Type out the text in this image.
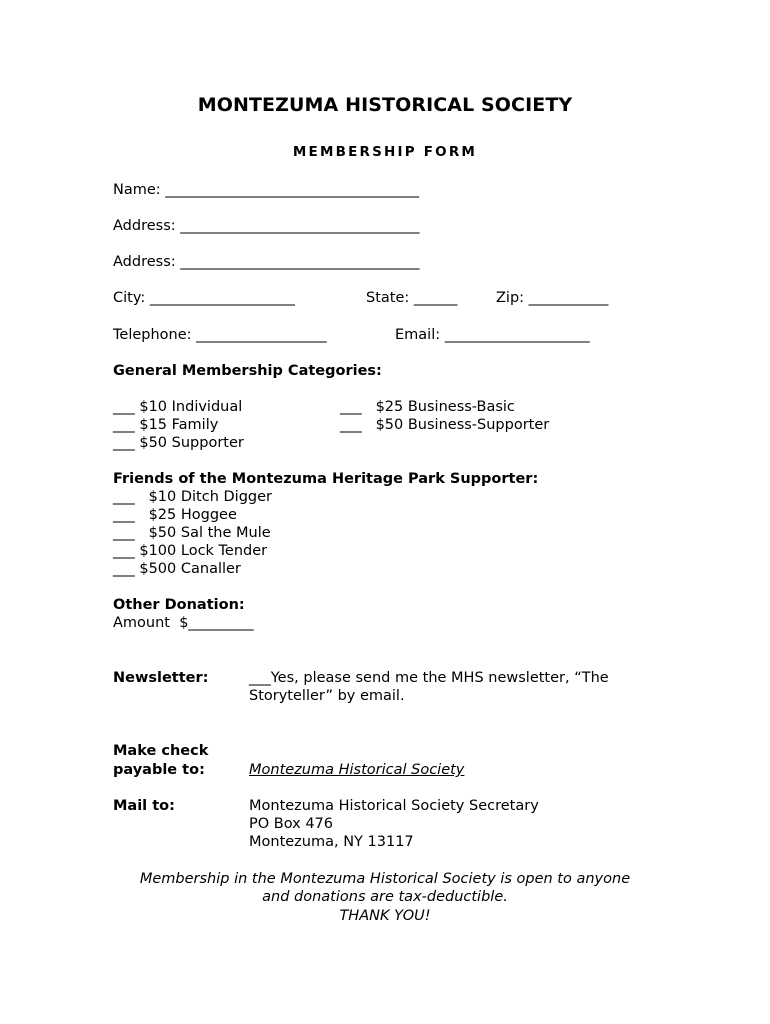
MONTEZUMA HISTORICAL SOCIETY
MEMBERSHIP FORM
Name: ___________________________________
Address: _________________________________
Address: _________________________________
City: ____________________	State: ______	Zip: ___________
Telephone: __________________	Email: ____________________
General Membership Categories:
___ $10 Individual
___ $15 Family
___ $50 Supporter
___   $25 Business-Basic
___   $50 Business-Supporter
Friends of the Montezuma Heritage Park Supporter:
___   $10 Ditch Digger
___   $25 Hoggee
___   $50 Sal the Mule
___ $100 Lock Tender
___ $500 Canaller
Other Donation:
Amount  $_________
Newsletter:	___Yes, please send me the MHS newsletter, “The
Storyteller” by email.
Make check
payable to:	Montezuma Historical Society
Mail to:	Montezuma Historical Society Secretary
PO Box 476
Montezuma, NY 13117
Membership in the Montezuma Historical Society is open to anyone
and donations are tax-deductible.
THANK YOU!
